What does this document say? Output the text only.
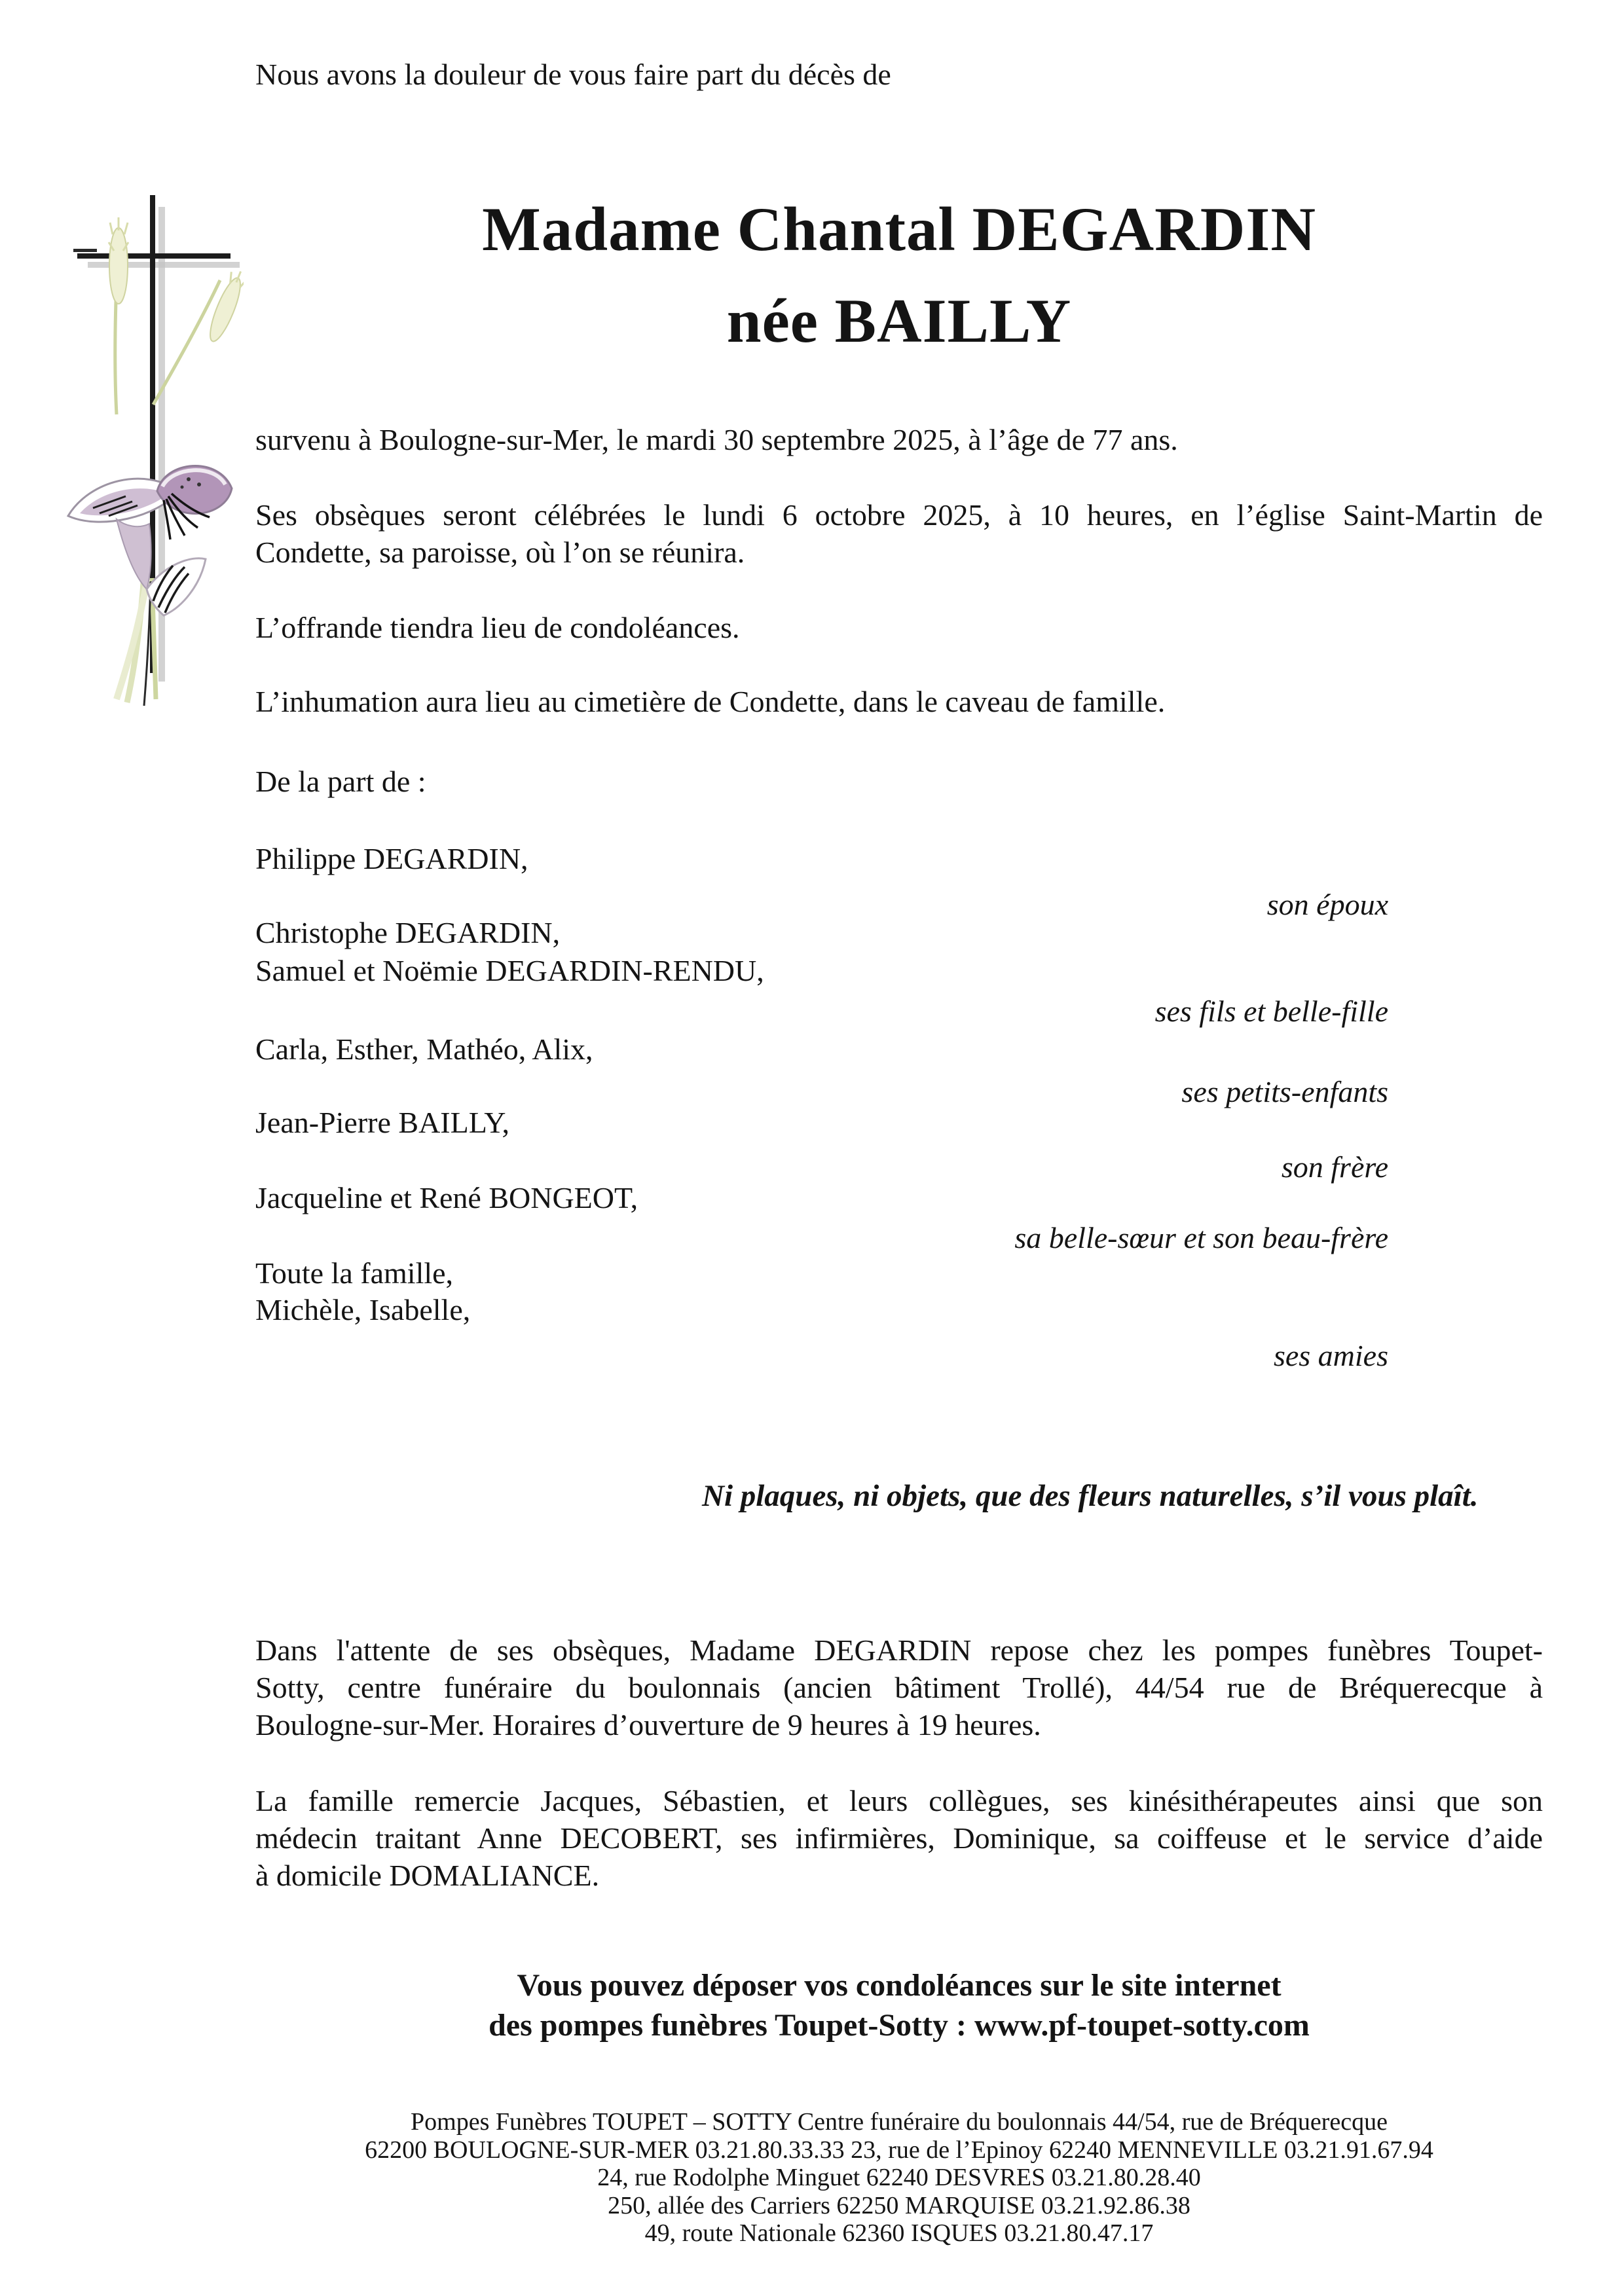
Nous avons la douleur de vous faire part du décès de
Madame Chantal DEGARDIN
née BAILLY
survenu à Boulogne-sur-Mer, le mardi 30 septembre 2025, à l’âge de 77 ans.
Ses obsèques seront célébrées le lundi 6 octobre 2025, à 10 heures, en l’église Saint-Martin de
Condette, sa paroisse, où l’on se réunira.
L’offrande tiendra lieu de condoléances.
L’inhumation aura lieu au cimetière de Condette, dans le caveau de famille.
De la part de :
Philippe DEGARDIN,
son époux
Christophe DEGARDIN,
Samuel et Noëmie DEGARDIN-RENDU,
ses fils et belle-fille
Carla, Esther, Mathéo, Alix,
ses petits-enfants
Jean-Pierre BAILLY,
son frère
Jacqueline et René BONGEOT,
sa belle-sœur et son beau-frère
Toute la famille,
Michèle, Isabelle,
ses amies
Ni plaques, ni objets, que des fleurs naturelles, s’il vous plaît.
Dans l'attente de ses obsèques, Madame DEGARDIN repose chez les pompes funèbres Toupet-
Sotty, centre funéraire du boulonnais (ancien bâtiment Trollé), 44/54 rue de Bréquerecque à
Boulogne-sur-Mer. Horaires d’ouverture de 9 heures à 19 heures.
La famille remercie Jacques, Sébastien, et leurs collègues, ses kinésithérapeutes ainsi que son
médecin traitant Anne DECOBERT, ses infirmières, Dominique, sa coiffeuse et le service d’aide
à domicile DOMALIANCE.
Vous pouvez déposer vos condoléances sur le site internet
des pompes funèbres Toupet-Sotty : www.pf-toupet-sotty.com
Pompes Funèbres TOUPET – SOTTY Centre funéraire du boulonnais 44/54, rue de Bréquerecque
62200 BOULOGNE-SUR-MER 03.21.80.33.33 23, rue de l’Epinoy 62240 MENNEVILLE 03.21.91.67.94
24, rue Rodolphe Minguet 62240 DESVRES 03.21.80.28.40
250, allée des Carriers 62250 MARQUISE 03.21.92.86.38
49, route Nationale 62360 ISQUES 03.21.80.47.17
